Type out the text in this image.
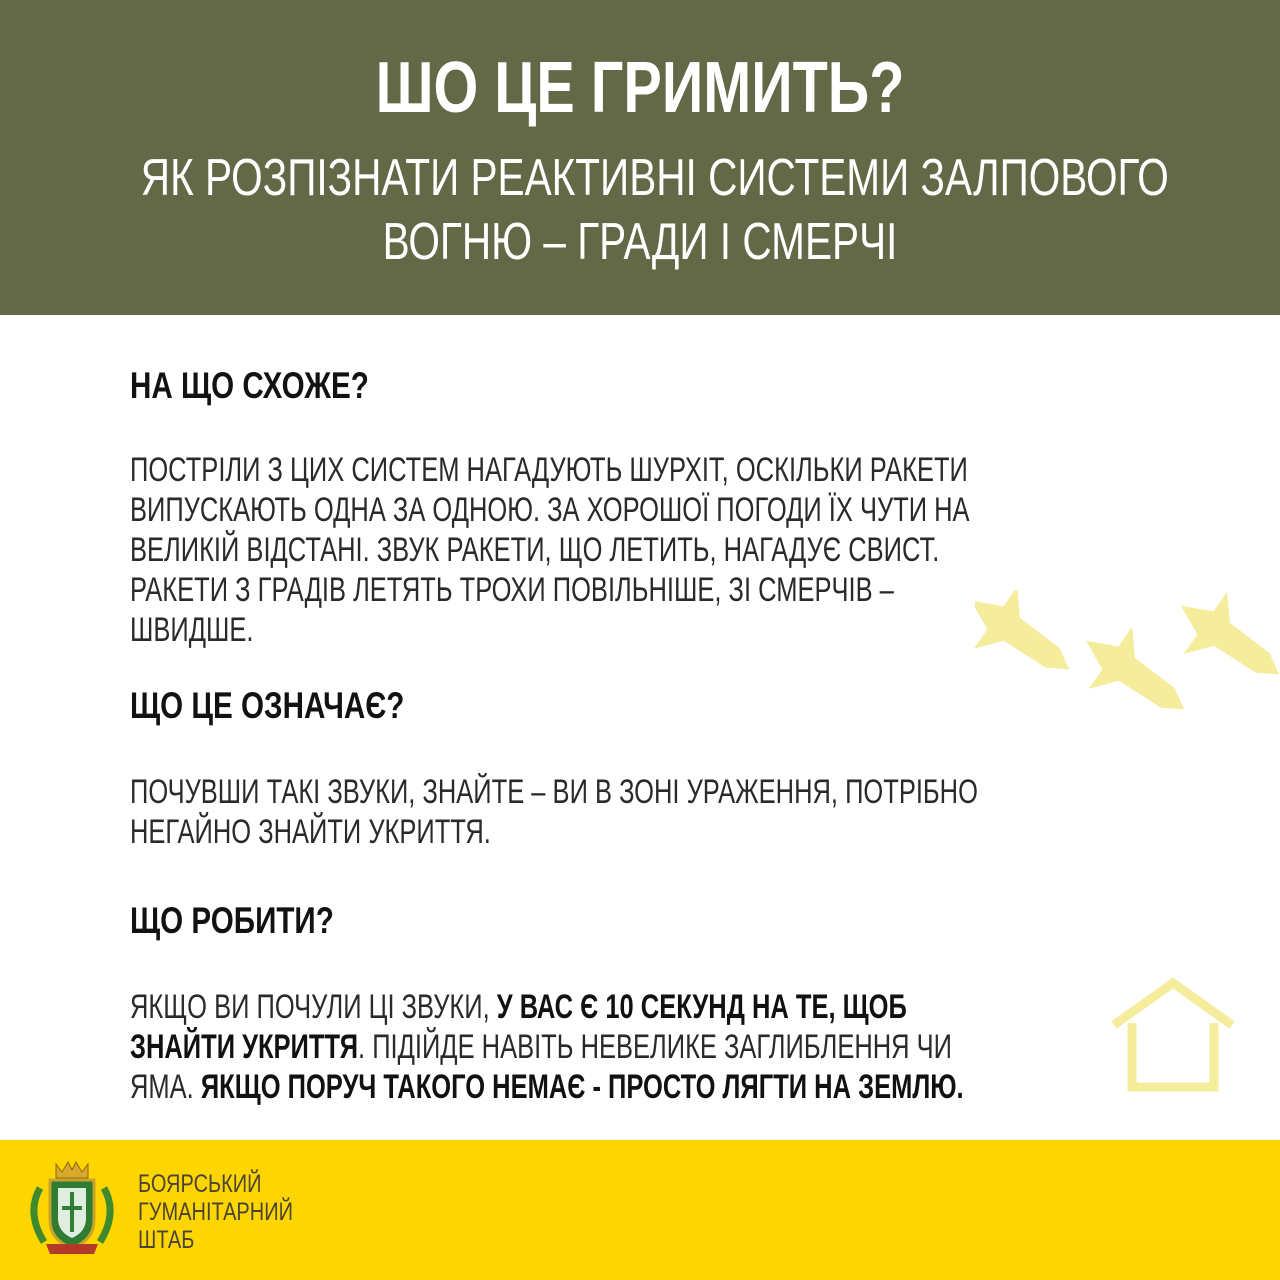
ШО ЦЕ ГРИМИТЬ?
ЯК РОЗПІЗНАТИ РЕАКТИВНІ СИСТЕМИ ЗАЛПОВОГО
ВОГНЮ – ГРАДИ І СМЕРЧІ
НА ЩО СХОЖЕ?
ПОСТРІЛИ З ЦИХ СИСТЕМ НАГАДУЮТЬ ШУРХІТ, ОСКІЛЬКИ РАКЕТИ
ВИПУСКАЮТЬ ОДНА ЗА ОДНОЮ. ЗА ХОРОШОЇ ПОГОДИ ЇХ ЧУТИ НА
ВЕЛИКІЙ ВІДСТАНІ. ЗВУК РАКЕТИ, ЩО ЛЕТИТЬ, НАГАДУЄ СВИСТ.
РАКЕТИ З ГРАДІВ ЛЕТЯТЬ ТРОХИ ПОВІЛЬНІШЕ, ЗІ СМЕРЧІВ –
ШВИДШЕ.
ЩО ЦЕ ОЗНАЧАЄ?
ПОЧУВШИ ТАКІ ЗВУКИ, ЗНАЙТЕ – ВИ В ЗОНІ УРАЖЕННЯ, ПОТРІБНО
НЕГАЙНО ЗНАЙТИ УКРИТТЯ.
ЩО РОБИТИ?
ЯКЩО ВИ ПОЧУЛИ ЦІ ЗВУКИ, У ВАС Є 10 СЕКУНД НА ТЕ, ЩОБ
ЗНАЙТИ УКРИТТЯ. ПІДІЙДЕ НАВІТЬ НЕВЕЛИКЕ ЗАГЛИБЛЕННЯ ЧИ
ЯМА. ЯКЩО ПОРУЧ ТАКОГО НЕМАЄ - ПРОСТО ЛЯГТИ НА ЗЕМЛЮ.
БОЯРСЬКИЙ
ГУМАНІТАРНИЙ
ШТАБ
